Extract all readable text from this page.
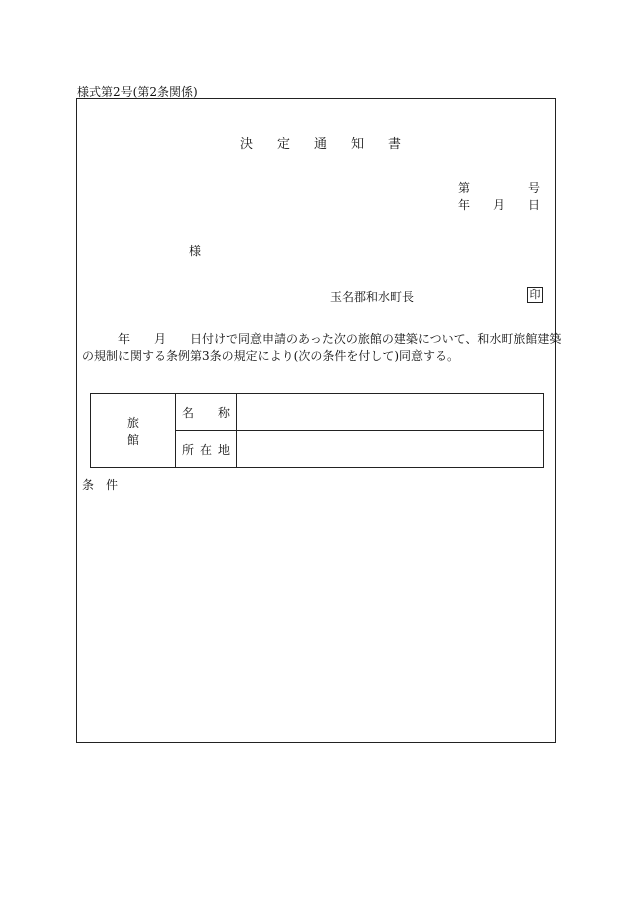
様式第2号(第2条関係)
決定通知書
第	号
年 月 日
様
玉名郡和水町長	印
年 月 日付けで同意申請のあった次の旅館の建築について、和水町旅館建築
の規制に関する条例第3条の規定により(次の条件を付して)同意する。
旅館	名 称	

	所 在 地	

条件
